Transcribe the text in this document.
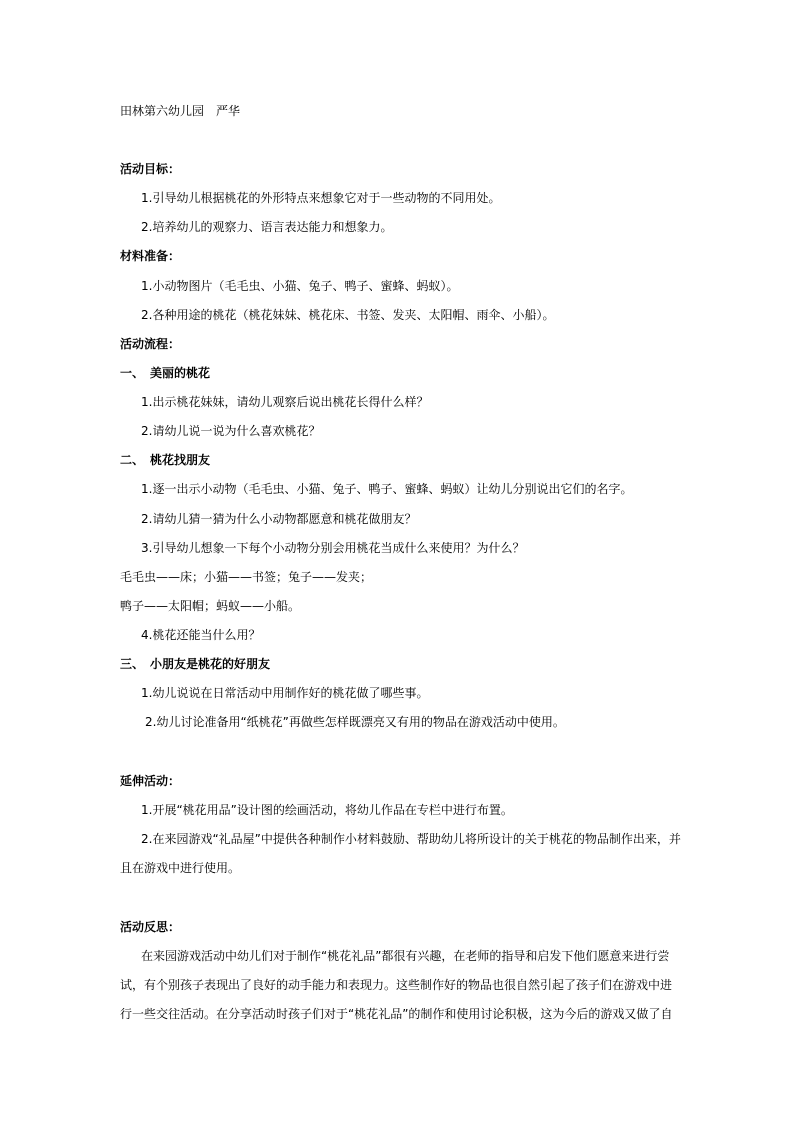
田林第六幼儿园　严华

活动目标：

1.引导幼儿根据桃花的外形特点来想象它对于一些动物的不同用处。

2.培养幼儿的观察力、语言表达能力和想象力。

材料准备：

1.小动物图片（毛毛虫、小猫、兔子、鸭子、蜜蜂、蚂蚁）。

2.各种用途的桃花（桃花妹妹、桃花床、书签、发夹、太阳帽、雨伞、小船）。

活动流程：

一、　美丽的桃花

1.出示桃花妹妹，请幼儿观察后说出桃花长得什么样？

2.请幼儿说一说为什么喜欢桃花？

二、　桃花找朋友

1.逐一出示小动物（毛毛虫、小猫、兔子、鸭子、蜜蜂、蚂蚁）让幼儿分别说出它们的名字。

2.请幼儿猜一猜为什么小动物都愿意和桃花做朋友？

3.引导幼儿想象一下每个小动物分别会用桃花当成什么来使用？为什么？

毛毛虫——床；小猫——书签；兔子——发夹；

鸭子——太阳帽；蚂蚁——小船。

4.桃花还能当什么用？

三、　小朋友是桃花的好朋友

1.幼儿说说在日常活动中用制作好的桃花做了哪些事。

2.幼儿讨论准备用“纸桃花”再做些怎样既漂亮又有用的物品在游戏活动中使用。

延伸活动：

1.开展“桃花用品”设计图的绘画活动，将幼儿作品在专栏中进行布置。

2.在来园游戏“礼品屋”中提供各种制作小材料鼓励、帮助幼儿将所设计的关于桃花的物品制作出来，并

且在游戏中进行使用。

活动反思：

在来园游戏活动中幼儿们对于制作“桃花礼品”都很有兴趣，在老师的指导和启发下他们愿意来进行尝

试，有个别孩子表现出了良好的动手能力和表现力。这些制作好的物品也很自然引起了孩子们在游戏中进

行一些交往活动。在分享活动时孩子们对于“桃花礼品”的制作和使用讨论积极，这为今后的游戏又做了自
